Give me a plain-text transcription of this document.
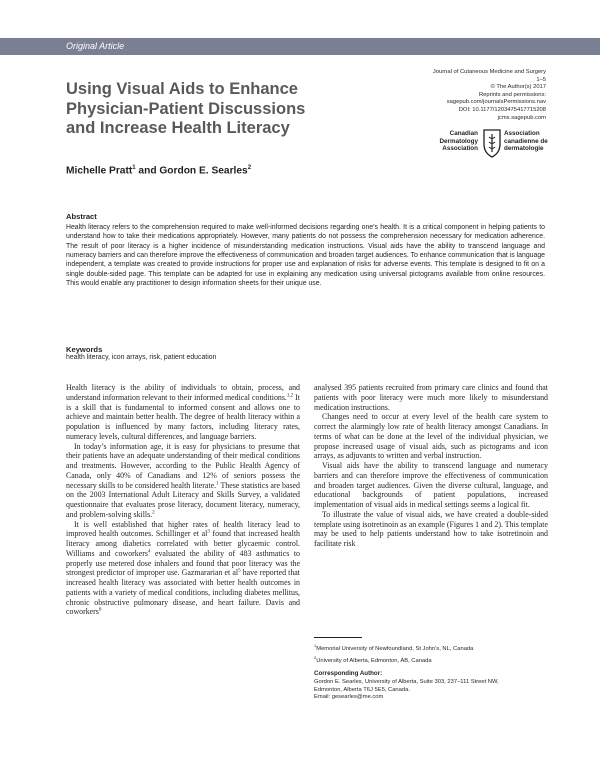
Original Article
Using Visual Aids to Enhance
Physician-Patient Discussions
and Increase Health Literacy
Journal of Cutaneous Medicine and Surgery
1–5
© The Author(s) 2017
Reprints and permissions:
sagepub.com/journalsPermissions.nav
DOI: 10.1177/1203475417715208
jcms.sagepub.com
Canadian
Dermatology
Association
Association
canadienne de
dermatologie
Michelle Pratt$^1$ and Gordon E. Searles$^2$
Abstract
Health literacy refers to the comprehension required to make well-informed decisions regarding one’s health. It is a critical component in helping patients to understand how to take their medications appropriately. However, many patients do not possess the comprehension necessary for medication adherence. The result of poor literacy is a higher incidence of misunderstanding medication instructions. Visual aids have the ability to transcend language and numeracy barriers and can therefore improve the effectiveness of communication and broaden target audiences. To enhance communication that is language independent, a template was created to provide instructions for proper use and explanation of risks for adverse events. This template is designed to fit on a single double-sided page. This template can be adapted for use in explaining any medication using universal pictograms available from online resources. This would enable any practitioner to design information sheets for their unique use.
Keywords
health literacy, icon arrays, risk, patient education

Health literacy is the ability of individuals to obtain, process, and understand information relevant to their informed medical conditions.$^{1,2}$ It is a skill that is fundamental to informed consent and allows one to achieve and maintain better health. The degree of health literacy within a population is influenced by many factors, including literacy rates, numeracy levels, cultural differences, and language barriers.

In today’s information age, it is easy for physicians to presume that their patients have an adequate understanding of their medical conditions and treatments. However, according to the Public Health Agency of Canada, only 40% of Canadians and 12% of seniors possess the necessary skills to be considered health literate.$^1$ These statistics are based on the 2003 International Adult Literacy and Skills Survey, a validated questionnaire that evaluates prose literacy, document literacy, numeracy, and problem-solving skills.$^2$

It is well established that higher rates of health literacy lead to improved health outcomes. Schillinger et $al^3$ found that increased health literacy among diabetics correlated with better glycaemic control. Williams and coworkers$^4$ evaluated the ability of 483 asthmatics to properly use metered dose inhalers and found that poor literacy was the strongest predictor of improper use. Gazmararian et $al^5$ have reported that increased health literacy was associated with better health outcomes in patients with a variety of medical conditions, including diabetes mellitus, chronic obstructive pulmonary disease, and heart failure. Davis and coworkers$^6$

analysed 395 patients recruited from primary care clinics and found that patients with poor literacy were much more likely to misunderstand medication instructions.

Changes need to occur at every level of the health care system to correct the alarmingly low rate of health literacy amongst Canadians. In terms of what can be done at the level of the individual physician, we propose increased usage of visual aids, such as pictograms and icon arrays, as adjuvants to written and verbal instruction.

Visual aids have the ability to transcend language and numeracy barriers and can therefore improve the effectiveness of communication and broaden target audiences. Given the diverse cultural, language, and educational backgrounds of patient populations, increased implementation of visual aids in medical settings seems a logical fit.

To illustrate the value of visual aids, we have created a double-sided template using isotretinoin as an example (Figures 1 and 2). This template may be used to help patients understand how to take isotretinoin and facilitate risk

$^1$Memorial University of Newfoundland, St John’s, NL, Canada
$^2$University of Alberta, Edmonton, AB, Canada
Corresponding Author:
Gordon E. Searles, University of Alberta, Suite 303, 237–111 Street NW,
Edmonton, Alberta T6J 5E5, Canada.
Email: gesearles@me.com
